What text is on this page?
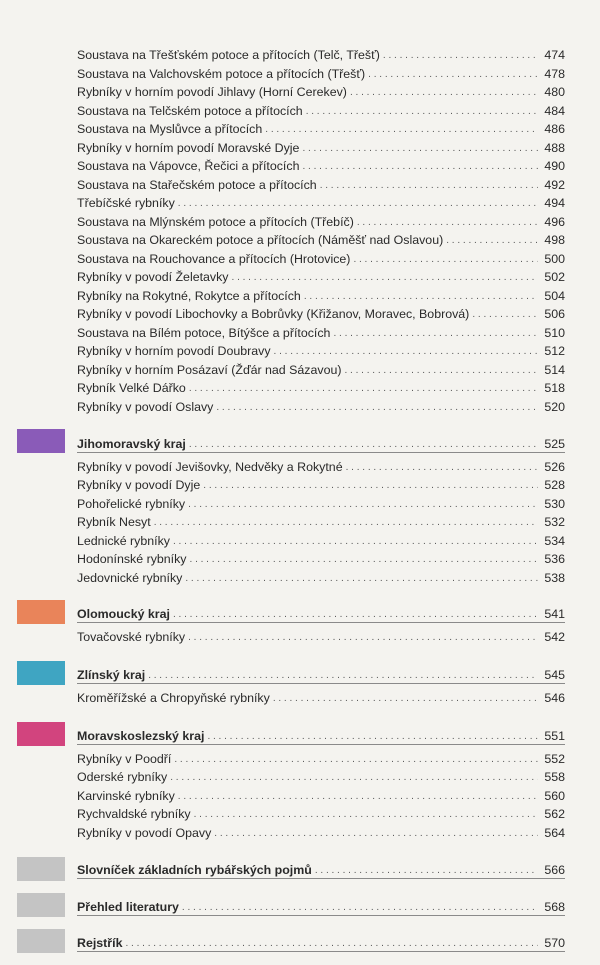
Soustava na Třešťském potoce a přítocích (Telč, Třešť) . . .	474
Soustava na Valchovském potoce a přítocích (Třešť) . . .	478
Rybníky v horním povodí Jihlavy (Horní Cerekev) . . .	480
Soustava na Telčském potoce a přítocích . . .	484
Soustava na Myslůvce a přítocích . . .	486
Rybníky v horním povodí Moravské Dyje . . .	488
Soustava na Vápovce, Řečici a přítocích . . .	490
Soustava na Stařečském potoce a přítocích . . .	492
Třebíčské rybníky . . .	494
Soustava na Mlýnském potoce a přítocích (Třebíč) . . .	496
Soustava na Okareckém potoce a přítocích (Náměšť nad Oslavou) . . .	498
Soustava na Rouchovance a přítocích (Hrotovice) . . .	500
Rybníky v povodí Želetavky . . .	502
Rybníky na Rokytné, Rokytce a přítocích . . .	504
Rybníky v povodí Libochovky a Bobrůvky (Křižanov, Moravec, Bobrová) . . .	506
Soustava na Bílém potoce, Bítýšce a přítocích . . .	510
Rybníky v horním povodí Doubravy . . .	512
Rybníky v horním Posázaví (Žďár nad Sázavou) . . .	514
Rybník Velké Dářko . . .	518
Rybníky v povodí Oslavy . . .	520
Jihomoravský kraj . . .	525
Rybníky v povodí Jevišovky, Nedvěky a Rokytné . . .	526
Rybníky v povodí Dyje . . .	528
Pohořelické rybníky . . .	530
Rybník Nesyt . . .	532
Lednické rybníky . . .	534
Hodonínské rybníky . . .	536
Jedovnické rybníky . . .	538
Olomoucký kraj . . .	541
Tovačovské rybníky . . .	542
Zlínský kraj . . .	545
Kroměřížské a Chropyňské rybníky . . .	546
Moravskoslezský kraj . . .	551
Rybníky v Poodří . . .	552
Oderské rybníky . . .	558
Karvinské rybníky . . .	560
Rychvaldské rybníky . . .	562
Rybníky v povodí Opavy . . .	564
Slovníček základních rybářských pojmů . . .	566
Přehled literatury . . .	568
Rejstřík . . .	570
